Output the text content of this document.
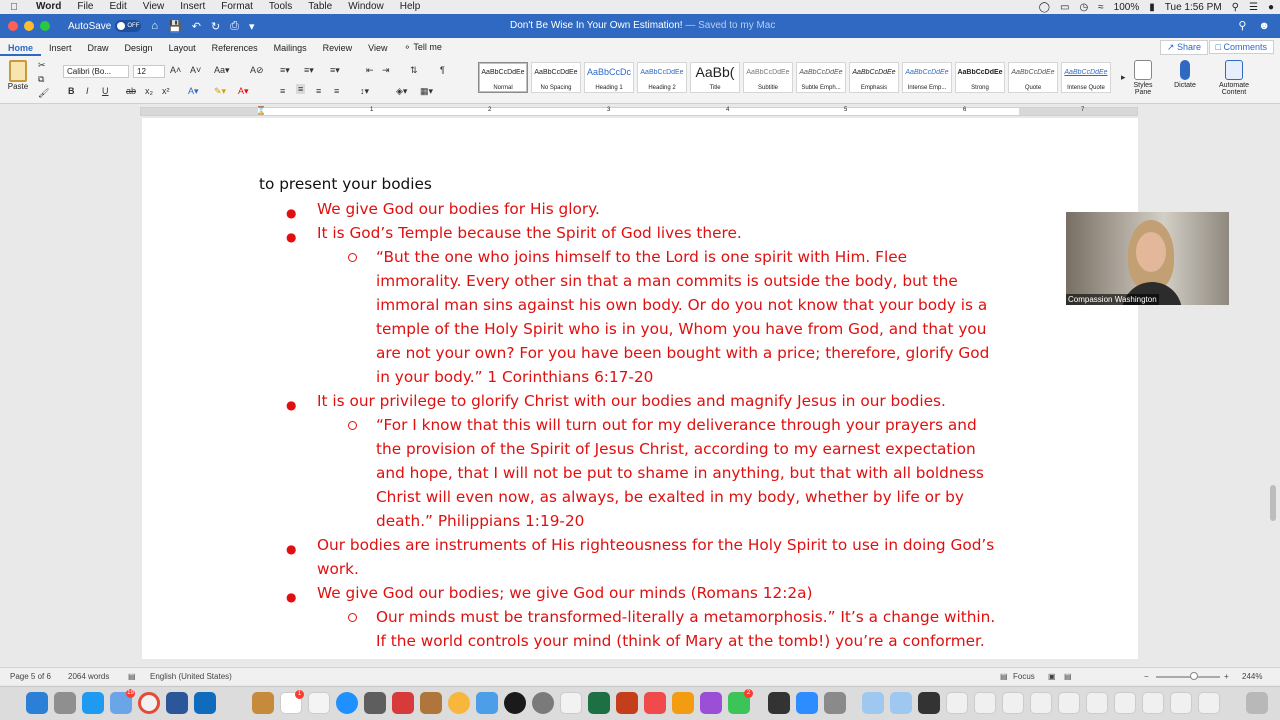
Word	File	Edit	View	Insert	Format	Tools	Table	Window	Help	◯ ▭ ◷ ≈ 100% ▮ Tue 1:56 PM ⚲ ☰ ●
AutoSave	OFF ⌂ 💾 ↶ ↻ ⎙ ▾	Don't Be Wise In Your Own Estimation! — Saved to my Mac	⚲ ☻
Home	Insert	Draw	Design	Layout	References	Mailings	Review	View	⚬ Tell me	↗ Share	□ Comments
Paste
✂
⧉
🖌
Calibri (Bo...	12	A˄ A˅ Aa▾ A⊘
B I U ab x₂ x² A▾ ✎▾ A▾
≡▾ ≡▾ ≡▾	⇤ ⇥ ⇅ ¶
≡ ≡ ≡ ≡ ↕▾	◈▾ ▦▾
AaBbCcDdEe
Normal
AaBbCcDdEe
No Spacing
AaBbCcDc
Heading 1
AaBbCcDdEe
Heading 2
AaBb(
Title
AaBbCcDdEe
Subtitle
AaBbCcDdEe
Subtle Emph...
AaBbCcDdEe
Emphasis
AaBbCcDdEe
Intense Emp...
AaBbCcDdEe
Strong
AaBbCcDdEe
Quote
AaBbCcDdEe
Intense Quote
▸
Styles Pane
Dictate	Automate Content
⌛	1	2	3	4	5	6	7
to present your bodies
● We give God our bodies for His glory.
● It is God’s Temple because the Spirit of God lives there.
“But the one who joins himself to the Lord is one spirit with Him. Flee
immorality. Every other sin that a man commits is outside the body, but the
immoral man sins against his own body. Or do you not know that your body is a
temple of the Holy Spirit who is in you, Whom you have from God, and that you
are not your own? For you have been bought with a price; therefore, glorify God
in your body.” 1 Corinthians 6:17-20
● It is our privilege to glorify Christ with our bodies and magnify Jesus in our bodies.
“For I know that this will turn out for my deliverance through your prayers and
the provision of the Spirit of Jesus Christ, according to my earnest expectation
and hope, that I will not be put to shame in anything, but that with all boldness
Christ will even now, as always, be exalted in my body, whether by life or by
death.” Philippians 1:19-20
● Our bodies are instruments of His righteousness for the Holy Spirit to use in doing God’s
work.
● We give God our bodies; we give God our minds (Romans 12:2a)
Our minds must be transformed-literally a metamorphosis.” It’s a change within.
If the world controls your mind (think of Mary at the tomb!) you’re a conformer.
Compassion Washington
Page 5 of 6 2064 words ▤ English (United States)	▤ Focus ▣ ▤	−	+ 244%
19	1	2
